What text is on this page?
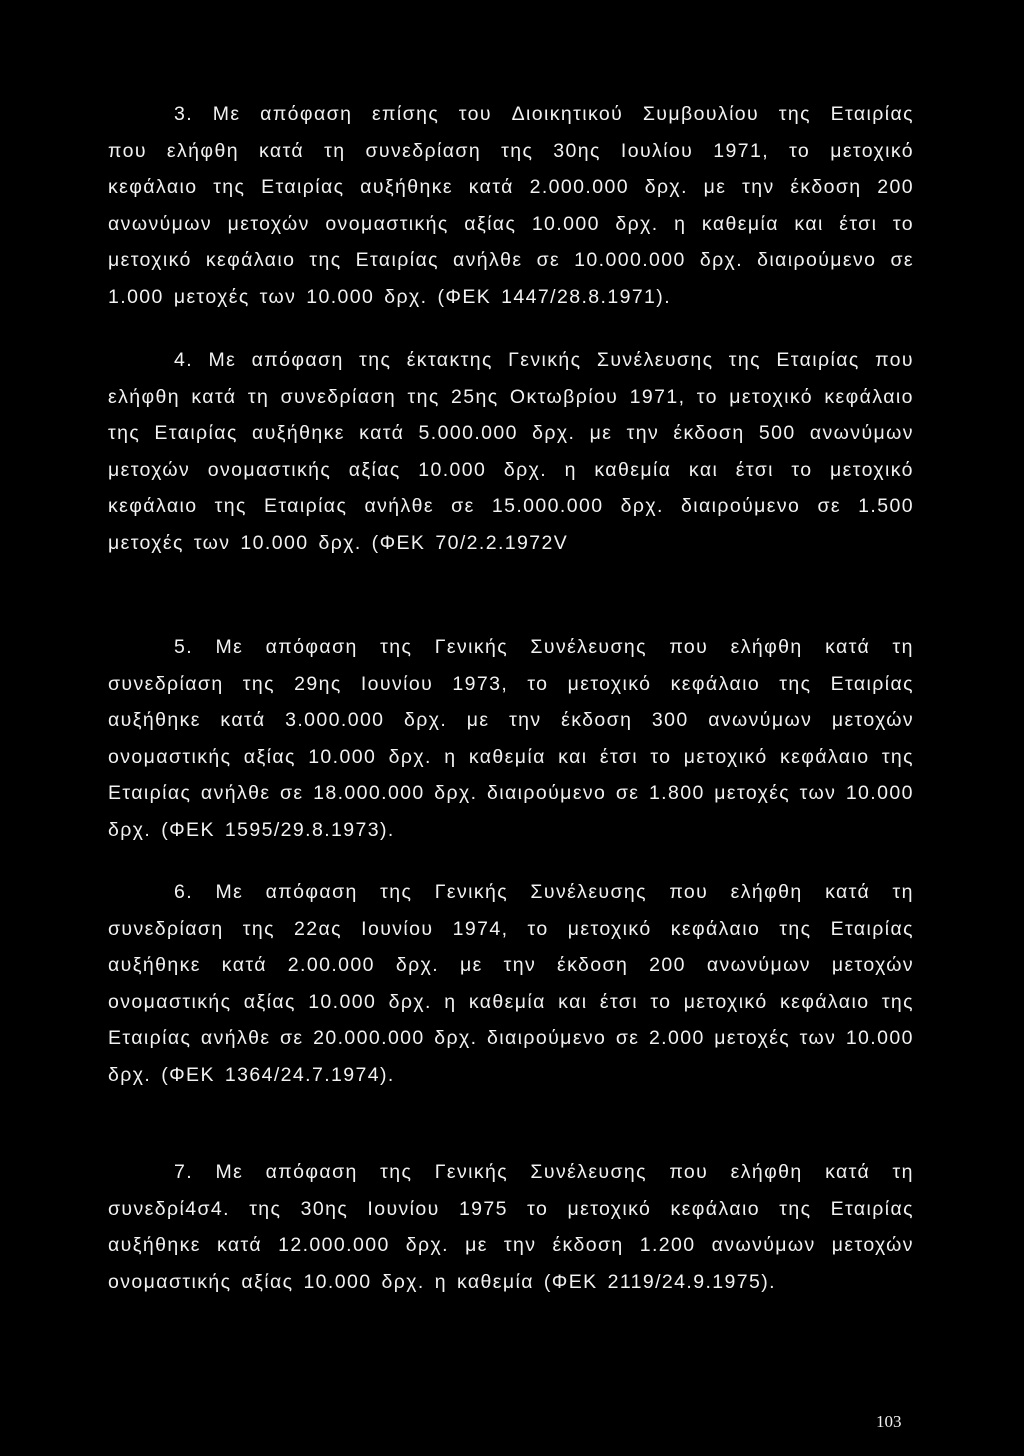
3. Με απόφαση επίσης του Διοικητικού Συμβουλίου της Εταιρίας
που ελήφθη κατά τη συνεδρίαση της 30ης Ιουλίου 1971, το μετοχικό
κεφάλαιο της Εταιρίας αυξήθηκε κατά 2.000.000 δρχ. με την έκδοση 200
ανωνύμων μετοχών ονομαστικής αξίας 10.000 δρχ. η καθεμία και έτσι το
μετοχικό κεφάλαιο της Εταιρίας ανήλθε σε 10.000.000 δρχ. διαιρούμενο σε
1.000 μετοχές των 10.000 δρχ. (ΦΕΚ 1447/28.8.1971).
4. Με απόφαση της έκτακτης Γενικής Συνέλευσης της Εταιρίας που
ελήφθη κατά τη συνεδρίαση της 25ης Οκτωβρίου 1971, το μετοχικό κεφάλαιο
της Εταιρίας αυξήθηκε κατά 5.000.000 δρχ. με την έκδοση 500 ανωνύμων
μετοχών ονομαστικής αξίας 10.000 δρχ. η καθεμία και έτσι το μετοχικό
κεφάλαιο της Εταιρίας ανήλθε σε 15.000.000 δρχ. διαιρούμενο σε 1.500
μετοχές των 10.000 δρχ. (ΦΕΚ 70/2.2.1972V
5. Με απόφαση της Γενικής Συνέλευσης που ελήφθη κατά τη
συνεδρίαση της 29ης Ιουνίου 1973, το μετοχικό κεφάλαιο της Εταιρίας
αυξήθηκε κατά 3.000.000 δρχ. με την έκδοση 300 ανωνύμων μετοχών
ονομαστικής αξίας 10.000 δρχ. η καθεμία και έτσι το μετοχικό κεφάλαιο της
Εταιρίας ανήλθε σε 18.000.000 δρχ. διαιρούμενο σε 1.800 μετοχές των 10.000
δρχ. (ΦΕΚ 1595/29.8.1973).
6. Με απόφαση της Γενικής Συνέλευσης που ελήφθη κατά τη
συνεδρίαση της 22ας Ιουνίου 1974, το μετοχικό κεφάλαιο της Εταιρίας
αυξήθηκε κατά 2.00.000 δρχ. με την έκδοση 200 ανωνύμων μετοχών
ονομαστικής αξίας 10.000 δρχ. η καθεμία και έτσι το μετοχικό κεφάλαιο της
Εταιρίας ανήλθε σε 20.000.000 δρχ. διαιρούμενο σε 2.000 μετοχές των 10.000
δρχ. (ΦΕΚ 1364/24.7.1974).
7. Με απόφαση της Γενικής Συνέλευσης που ελήφθη κατά τη
συνεδρί4σ4. της 30ης Ιουνίου 1975 το μετοχικό κεφάλαιο της Εταιρίας
αυξήθηκε κατά 12.000.000 δρχ. με την έκδοση 1.200 ανωνύμων μετοχών
ονομαστικής αξίας 10.000 δρχ. η καθεμία (ΦΕΚ 2119/24.9.1975).
103
